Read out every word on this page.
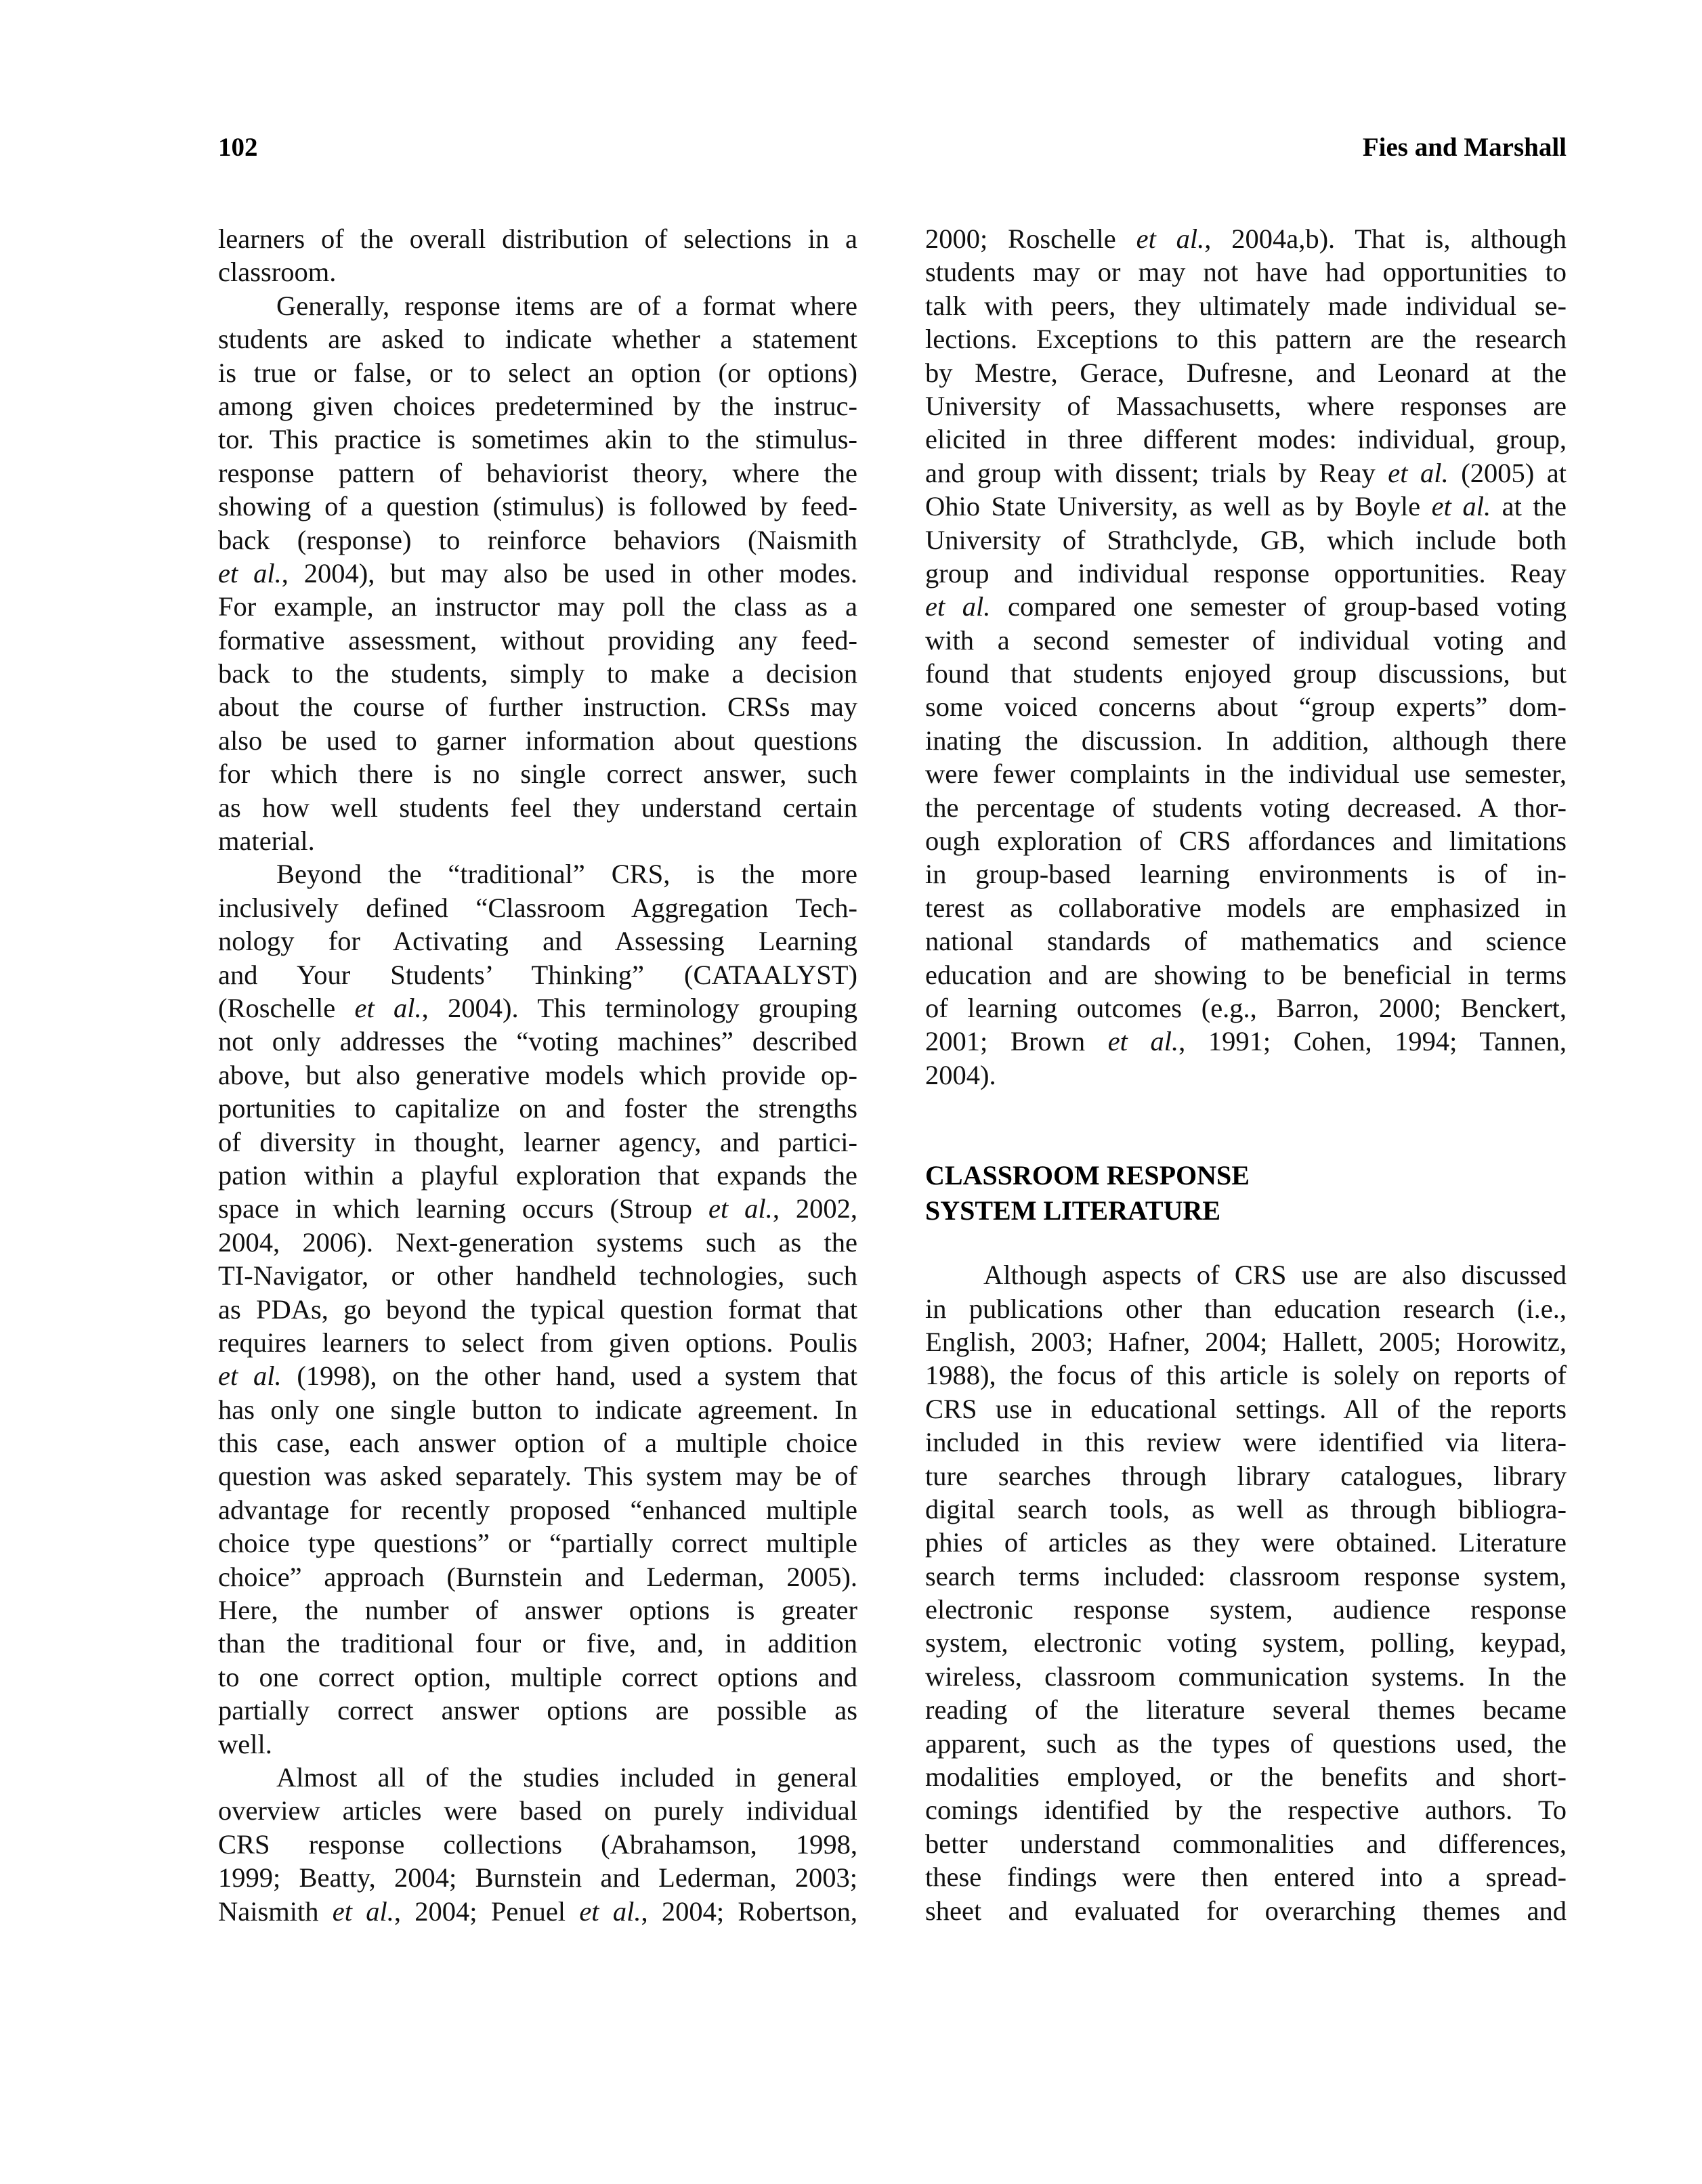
102	Fies and Marshall
learners of the overall distribution of selections in a
classroom.
Generally, response items are of a format where
students are asked to indicate whether a statement
is true or false, or to select an option (or options)
among given choices predetermined by the instruc-
tor. This practice is sometimes akin to the stimulus-
response pattern of behaviorist theory, where the
showing of a question (stimulus) is followed by feed-
back (response) to reinforce behaviors (Naismith
et al., 2004), but may also be used in other modes.
For example, an instructor may poll the class as a
formative assessment, without providing any feed-
back to the students, simply to make a decision
about the course of further instruction. CRSs may
also be used to garner information about questions
for which there is no single correct answer, such
as how well students feel they understand certain
material.
Beyond the “traditional” CRS, is the more
inclusively defined “Classroom Aggregation Tech-
nology for Activating and Assessing Learning
and Your Students’ Thinking” (CATAALYST)
(Roschelle et al., 2004). This terminology grouping
not only addresses the “voting machines” described
above, but also generative models which provide op-
portunities to capitalize on and foster the strengths
of diversity in thought, learner agency, and partici-
pation within a playful exploration that expands the
space in which learning occurs (Stroup et al., 2002,
2004, 2006). Next-generation systems such as the
TI-Navigator, or other handheld technologies, such
as PDAs, go beyond the typical question format that
requires learners to select from given options. Poulis
et al. (1998), on the other hand, used a system that
has only one single button to indicate agreement. In
this case, each answer option of a multiple choice
question was asked separately. This system may be of
advantage for recently proposed “enhanced multiple
choice type questions” or “partially correct multiple
choice” approach (Burnstein and Lederman, 2005).
Here, the number of answer options is greater
than the traditional four or five, and, in addition
to one correct option, multiple correct options and
partially correct answer options are possible as
well.
Almost all of the studies included in general
overview articles were based on purely individual
CRS response collections (Abrahamson, 1998,
1999; Beatty, 2004; Burnstein and Lederman, 2003;
Naismith et al., 2004; Penuel et al., 2004; Robertson,
2000; Roschelle et al., 2004a,b). That is, although
students may or may not have had opportunities to
talk with peers, they ultimately made individual se-
lections. Exceptions to this pattern are the research
by Mestre, Gerace, Dufresne, and Leonard at the
University of Massachusetts, where responses are
elicited in three different modes: individual, group,
and group with dissent; trials by Reay et al. (2005) at
Ohio State University, as well as by Boyle et al. at the
University of Strathclyde, GB, which include both
group and individual response opportunities. Reay
et al. compared one semester of group-based voting
with a second semester of individual voting and
found that students enjoyed group discussions, but
some voiced concerns about “group experts” dom-
inating the discussion. In addition, although there
were fewer complaints in the individual use semester,
the percentage of students voting decreased. A thor-
ough exploration of CRS affordances and limitations
in group-based learning environments is of in-
terest as collaborative models are emphasized in
national standards of mathematics and science
education and are showing to be beneficial in terms
of learning outcomes (e.g., Barron, 2000; Benckert,
2001; Brown et al., 1991; Cohen, 1994; Tannen,
2004).
CLASSROOM RESPONSE
SYSTEM LITERATURE
Although aspects of CRS use are also discussed
in publications other than education research (i.e.,
English, 2003; Hafner, 2004; Hallett, 2005; Horowitz,
1988), the focus of this article is solely on reports of
CRS use in educational settings. All of the reports
included in this review were identified via litera-
ture searches through library catalogues, library
digital search tools, as well as through bibliogra-
phies of articles as they were obtained. Literature
search terms included: classroom response system,
electronic response system, audience response
system, electronic voting system, polling, keypad,
wireless, classroom communication systems. In the
reading of the literature several themes became
apparent, such as the types of questions used, the
modalities employed, or the benefits and short-
comings identified by the respective authors. To
better understand commonalities and differences,
these findings were then entered into a spread-
sheet and evaluated for overarching themes and
